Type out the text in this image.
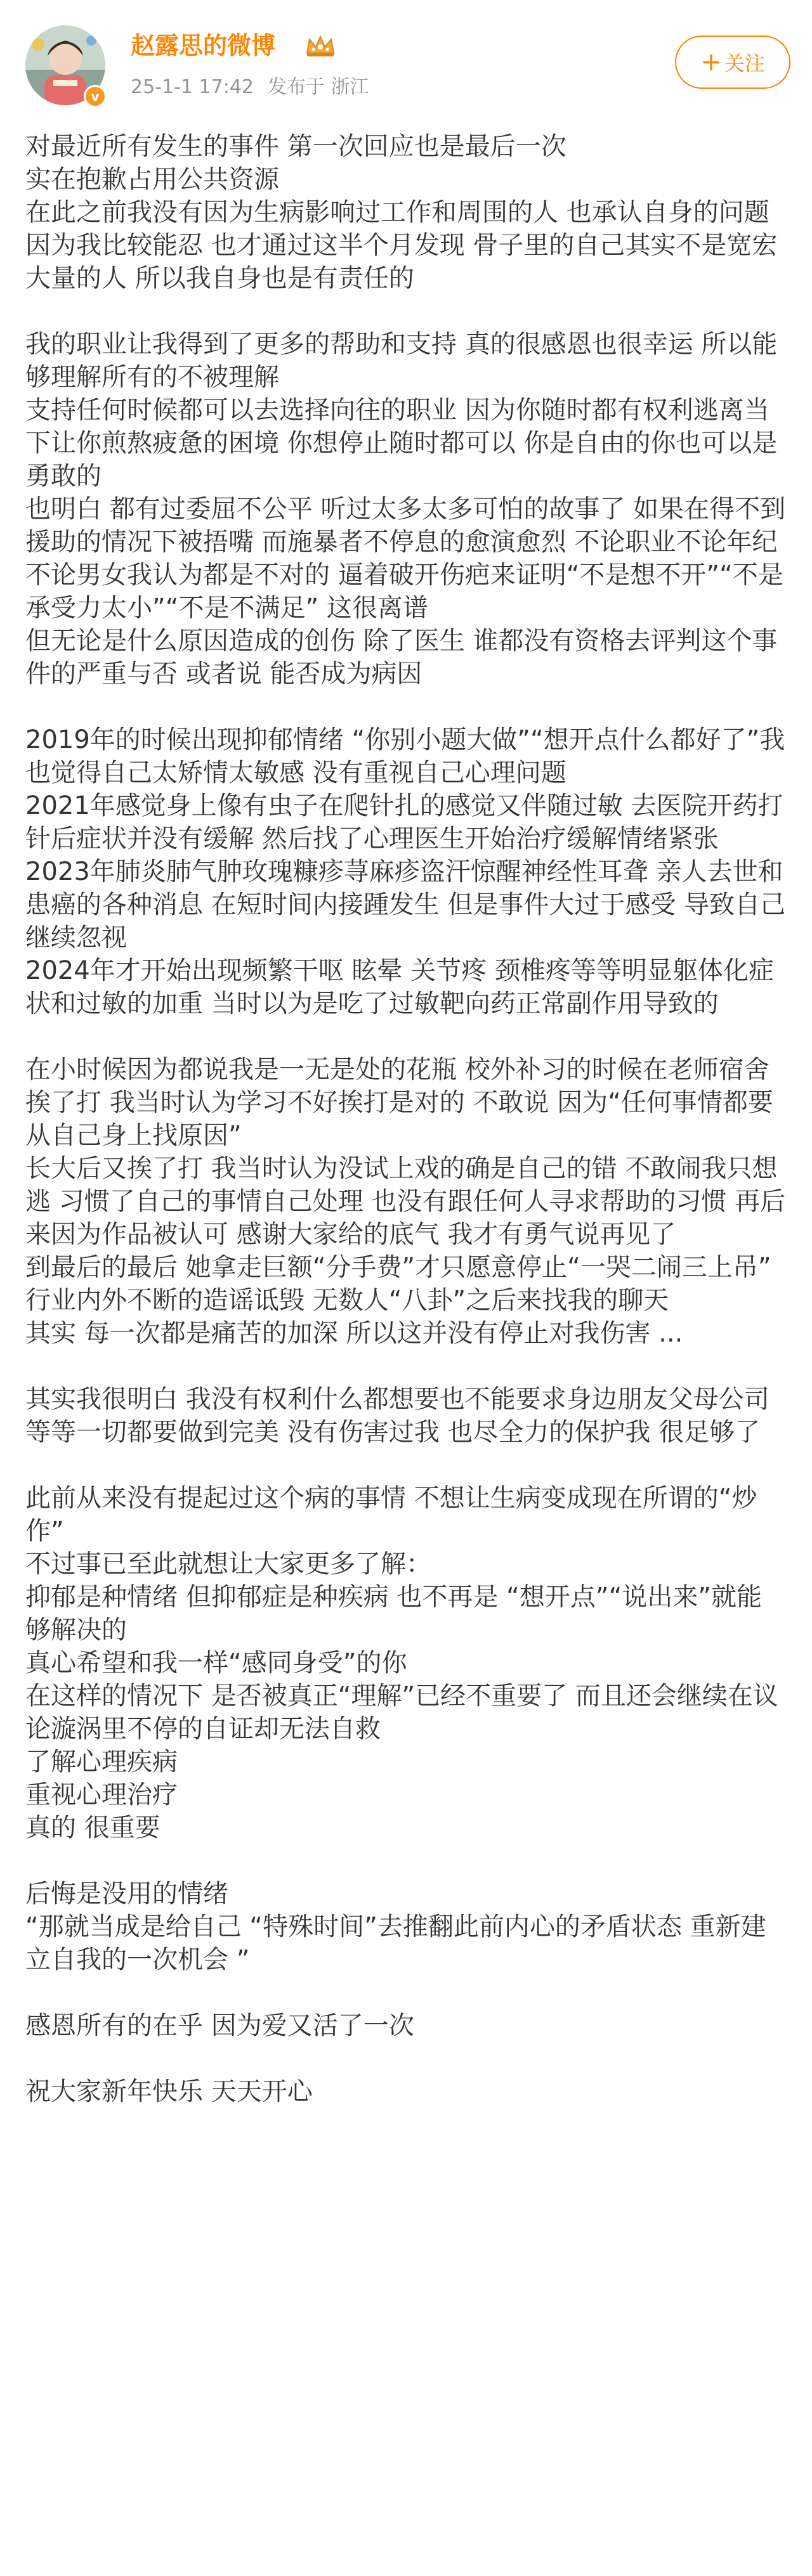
v
赵露思的微博
25-1-1 17:42 发布于 浙江
+ 关注

对最近所有发生的事件 第一次回应也是最后一次

实在抱歉占用公共资源

在此之前我没有因为生病影响过工作和周围的人 也承认自身的问题 因为我比较能忍 也才通过这半个月发现 骨子里的自己其实不是宽宏大量的人 所以我自身也是有责任的

我的职业让我得到了更多的帮助和支持 真的很感恩也很幸运 所以能够理解所有的不被理解

支持任何时候都可以去选择向往的职业 因为你随时都有权利逃离当下让你煎熬疲惫的困境 你想停止随时都可以 你是自由的你也可以是勇敢的

也明白 都有过委屈不公平 听过太多太多可怕的故事了 如果在得不到援助的情况下被捂嘴 而施暴者不停息的愈演愈烈 不论职业不论年纪不论男女我认为都是不对的 逼着破开伤疤来证明“不是想不开”“不是承受力太小”“不是不满足” 这很离谱

但无论是什么原因造成的创伤 除了医生 谁都没有资格去评判这个事件的严重与否 或者说 能否成为病因

2019年的时候出现抑郁情绪 “你别小题大做”“想开点什么都好了”我也觉得自己太矫情太敏感 没有重视自己心理问题

2021年感觉身上像有虫子在爬针扎的感觉又伴随过敏 去医院开药打针后症状并没有缓解 然后找了心理医生开始治疗缓解情绪紧张

2023年肺炎肺气肿玫瑰糠疹荨麻疹盗汗惊醒神经性耳聋 亲人去世和患癌的各种消息 在短时间内接踵发生 但是事件大过于感受 导致自己继续忽视

2024年才开始出现频繁干呕 眩晕 关节疼 颈椎疼等等明显躯体化症状和过敏的加重 当时以为是吃了过敏靶向药正常副作用导致的

在小时候因为都说我是一无是处的花瓶 校外补习的时候在老师宿舍挨了打 我当时认为学习不好挨打是对的 不敢说 因为“任何事情都要从自己身上找原因”

长大后又挨了打 我当时认为没试上戏的确是自己的错 不敢闹我只想逃 习惯了自己的事情自己处理 也没有跟任何人寻求帮助的习惯 再后来因为作品被认可 感谢大家给的底气 我才有勇气说再见了

到最后的最后 她拿走巨额“分手费”才只愿意停止“一哭二闹三上吊” 行业内外不断的造谣诋毁 无数人“八卦”之后来找我的聊天

其实 每一次都是痛苦的加深 所以这并没有停止对我伤害 ...

其实我很明白 我没有权利什么都想要也不能要求身边朋友父母公司等等一切都要做到完美 没有伤害过我 也尽全力的保护我 很足够了

此前从来没有提起过这个病的事情 不想让生病变成现在所谓的“炒作”

不过事已至此就想让大家更多了解：

抑郁是种情绪 但抑郁症是种疾病 也不再是 “想开点”“说出来”就能够解决的

真心希望和我一样“感同身受”的你

在这样的情况下 是否被真正“理解”已经不重要了 而且还会继续在议论漩涡里不停的自证却无法自救

了解心理疾病

重视心理治疗

真的 很重要

后悔是没用的情绪

“那就当成是给自己 “特殊时间”去推翻此前内心的矛盾状态 重新建立自我的一次机会 ”

感恩所有的在乎 因为爱又活了一次

祝大家新年快乐 天天开心
